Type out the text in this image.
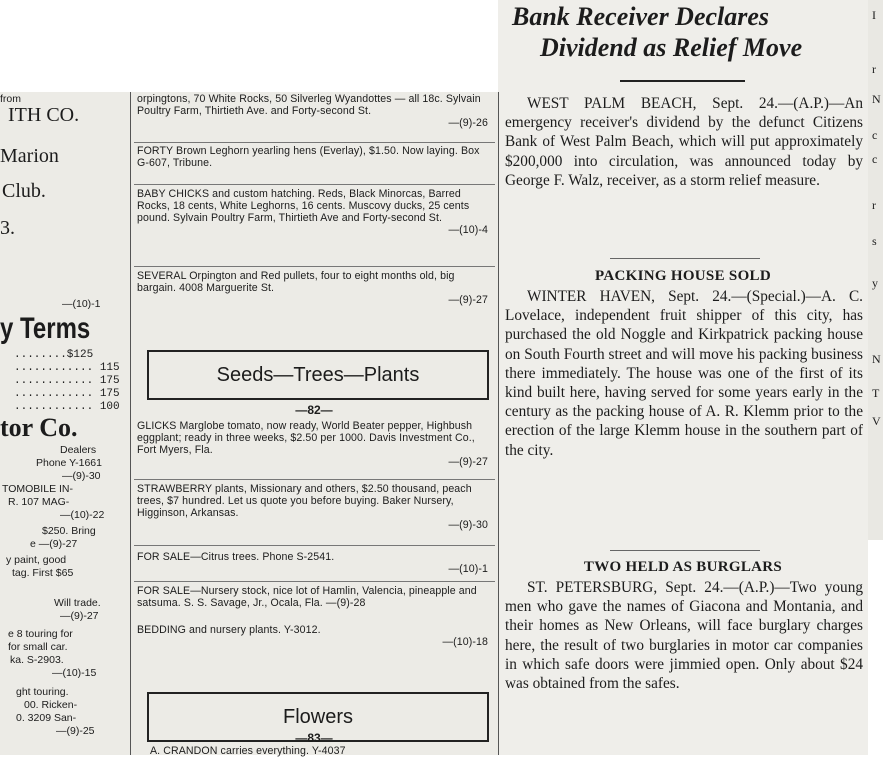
from
ITH CO.
Marion
Club.
3.
—(10)-1
y Terms
........$125
............ 115
............ 175
............ 175
............ 100
tor Co.
Dealers
Phone Y-1661
—(9)-30
TOMOBILE IN-
R. 107 MAG-
—(10)-22
$250. Bring
e —(9)-27
y paint, good
tag. First $65
Will trade.
—(9)-27
e 8 touring for
for small car.
ka. S-2903.
—(10)-15
ght touring.
00. Ricken-
0. 3209 San-
—(9)-25
orpingtons, 70 White Rocks, 50 Silverleg Wyandottes — all 18c. Sylvain Poultry Farm, Thirtieth Ave. and Forty-second St.
—(9)-26
FORTY Brown Leghorn yearling hens (Everlay), $1.50. Now laying. Box G-607, Tribune.
BABY CHICKS and custom hatching. Reds, Black Minorcas, Barred Rocks, 18 cents, White Leghorns, 16 cents. Muscovy ducks, 25 cents pound. Sylvain Poultry Farm, Thirtieth Ave and Forty-second St.
—(10)-4
SEVERAL Orpington and Red pullets, four to eight months old, big bargain. 4008 Marguerite St.
—(9)-27
Seeds—Trees—Plants
—82—
GLICKS Marglobe tomato, now ready, World Beater pepper, Highbush eggplant; ready in three weeks, $2.50 per 1000. Davis Investment Co., Fort Myers, Fla.
—(9)-27
STRAWBERRY plants, Missionary and others, $2.50 thousand, peach trees, $7 hundred. Let us quote you before buying. Baker Nursery, Higginson, Arkansas.
—(9)-30
FOR SALE—Citrus trees. Phone S-2541.
—(10)-1
FOR SALE—Nursery stock, nice lot of Hamlin, Valencia, pineapple and satsuma. S. S. Savage, Jr., Ocala, Fla. —(9)-28
BEDDING and nursery plants. Y-3012.
—(10)-18
Flowers
—83—
A. CRANDON carries everything. Y-4037
Bank Receiver Declares
Dividend as Relief Move

WEST PALM BEACH, Sept. 24.—(A.P.)—An emergency receiver's dividend by the defunct Citizens Bank of West Palm Beach, which will put approximately $200,000 into circulation, was announced today by George F. Walz, receiver, as a storm relief measure.

PACKING HOUSE SOLD

WINTER HAVEN, Sept. 24.—(Special.)—A. C. Lovelace, independent fruit shipper of this city, has purchased the old Noggle and Kirkpatrick packing house on South Fourth street and will move his packing business there immediately. The house was one of the first of its kind built here, having served for some years early in the century as the packing house of A. R. Klemm prior to the erection of the large Klemm house in the southern part of the city.

TWO HELD AS BURGLARS

ST. PETERSBURG, Sept. 24.—(A.P.)—Two young men who gave the names of Giacona and Montania, and their homes as New Orleans, will face burglary charges here, the result of two burglaries in motor car companies in which safe doors were jimmied open. Only about $24 was obtained from the safes.

I
r
N
c
c
r
s
y
N
T
V
